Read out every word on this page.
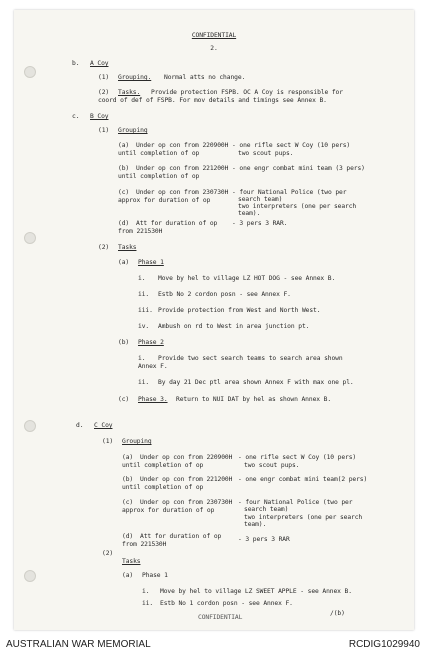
CONFIDENTIAL
2.
b. A Coy
(1) Grouping. Normal atts no change.
(2) Tasks. Provide protection FSPB. OC A Coy is responsible for
coord of def of FSPB. For mov details and timings see Annex B.
c. B Coy
(1) Grouping
(a) Under op con from 220900H
until completion of op
- one rifle sect W Coy (10 pers)
two scout pups.
(b) Under op con from 221200H
until completion of op
- one engr combat mini team (3 pers)
(c) Under op con from 230730H
approx for duration of op
- four National Police (two per
search team)
two interpreters (one per search
team).
(d) Att for duration of op
from 221530H
- 3 pers 3 RAR.
(2) Tasks
(a) Phase 1
i. Move by hel to village LZ HOT DOG - see Annex B.
ii. Estb No 2 cordon posn - see Annex F.
iii. Provide protection from West and North West.
iv. Ambush on rd to West in area junction pt.
(b) Phase 2
i. Provide two sect search teams to search area shown
Annex F.
ii. By day 21 Dec ptl area shown Annex F with max one pl.
(c) Phase 3. Return to NUI DAT by hel as shown Annex B.
d. C Coy
(1) Grouping
(a) Under op con from 220900H
until completion of op
- one rifle sect W Coy (10 pers)
two scout pups.
(b) Under op con from 221200H
until completion of op
- one engr combat mini team(2 pers)
(c) Under op con from 230730H
approx for duration of op
- four National Police (two per
search team)
two interpreters (one per search
team).
(d) Att for duration of op
from 221530H
- 3 pers 3 RAR
(2)
Tasks
(a) Phase 1
i. Move by hel to village LZ SWEET APPLE - see Annex B.
ii. Estb No 1 cordon posn - see Annex F.
CONFIDENTIAL
/(b)
AUSTRALIAN WAR MEMORIAL	RCDIG1029940
